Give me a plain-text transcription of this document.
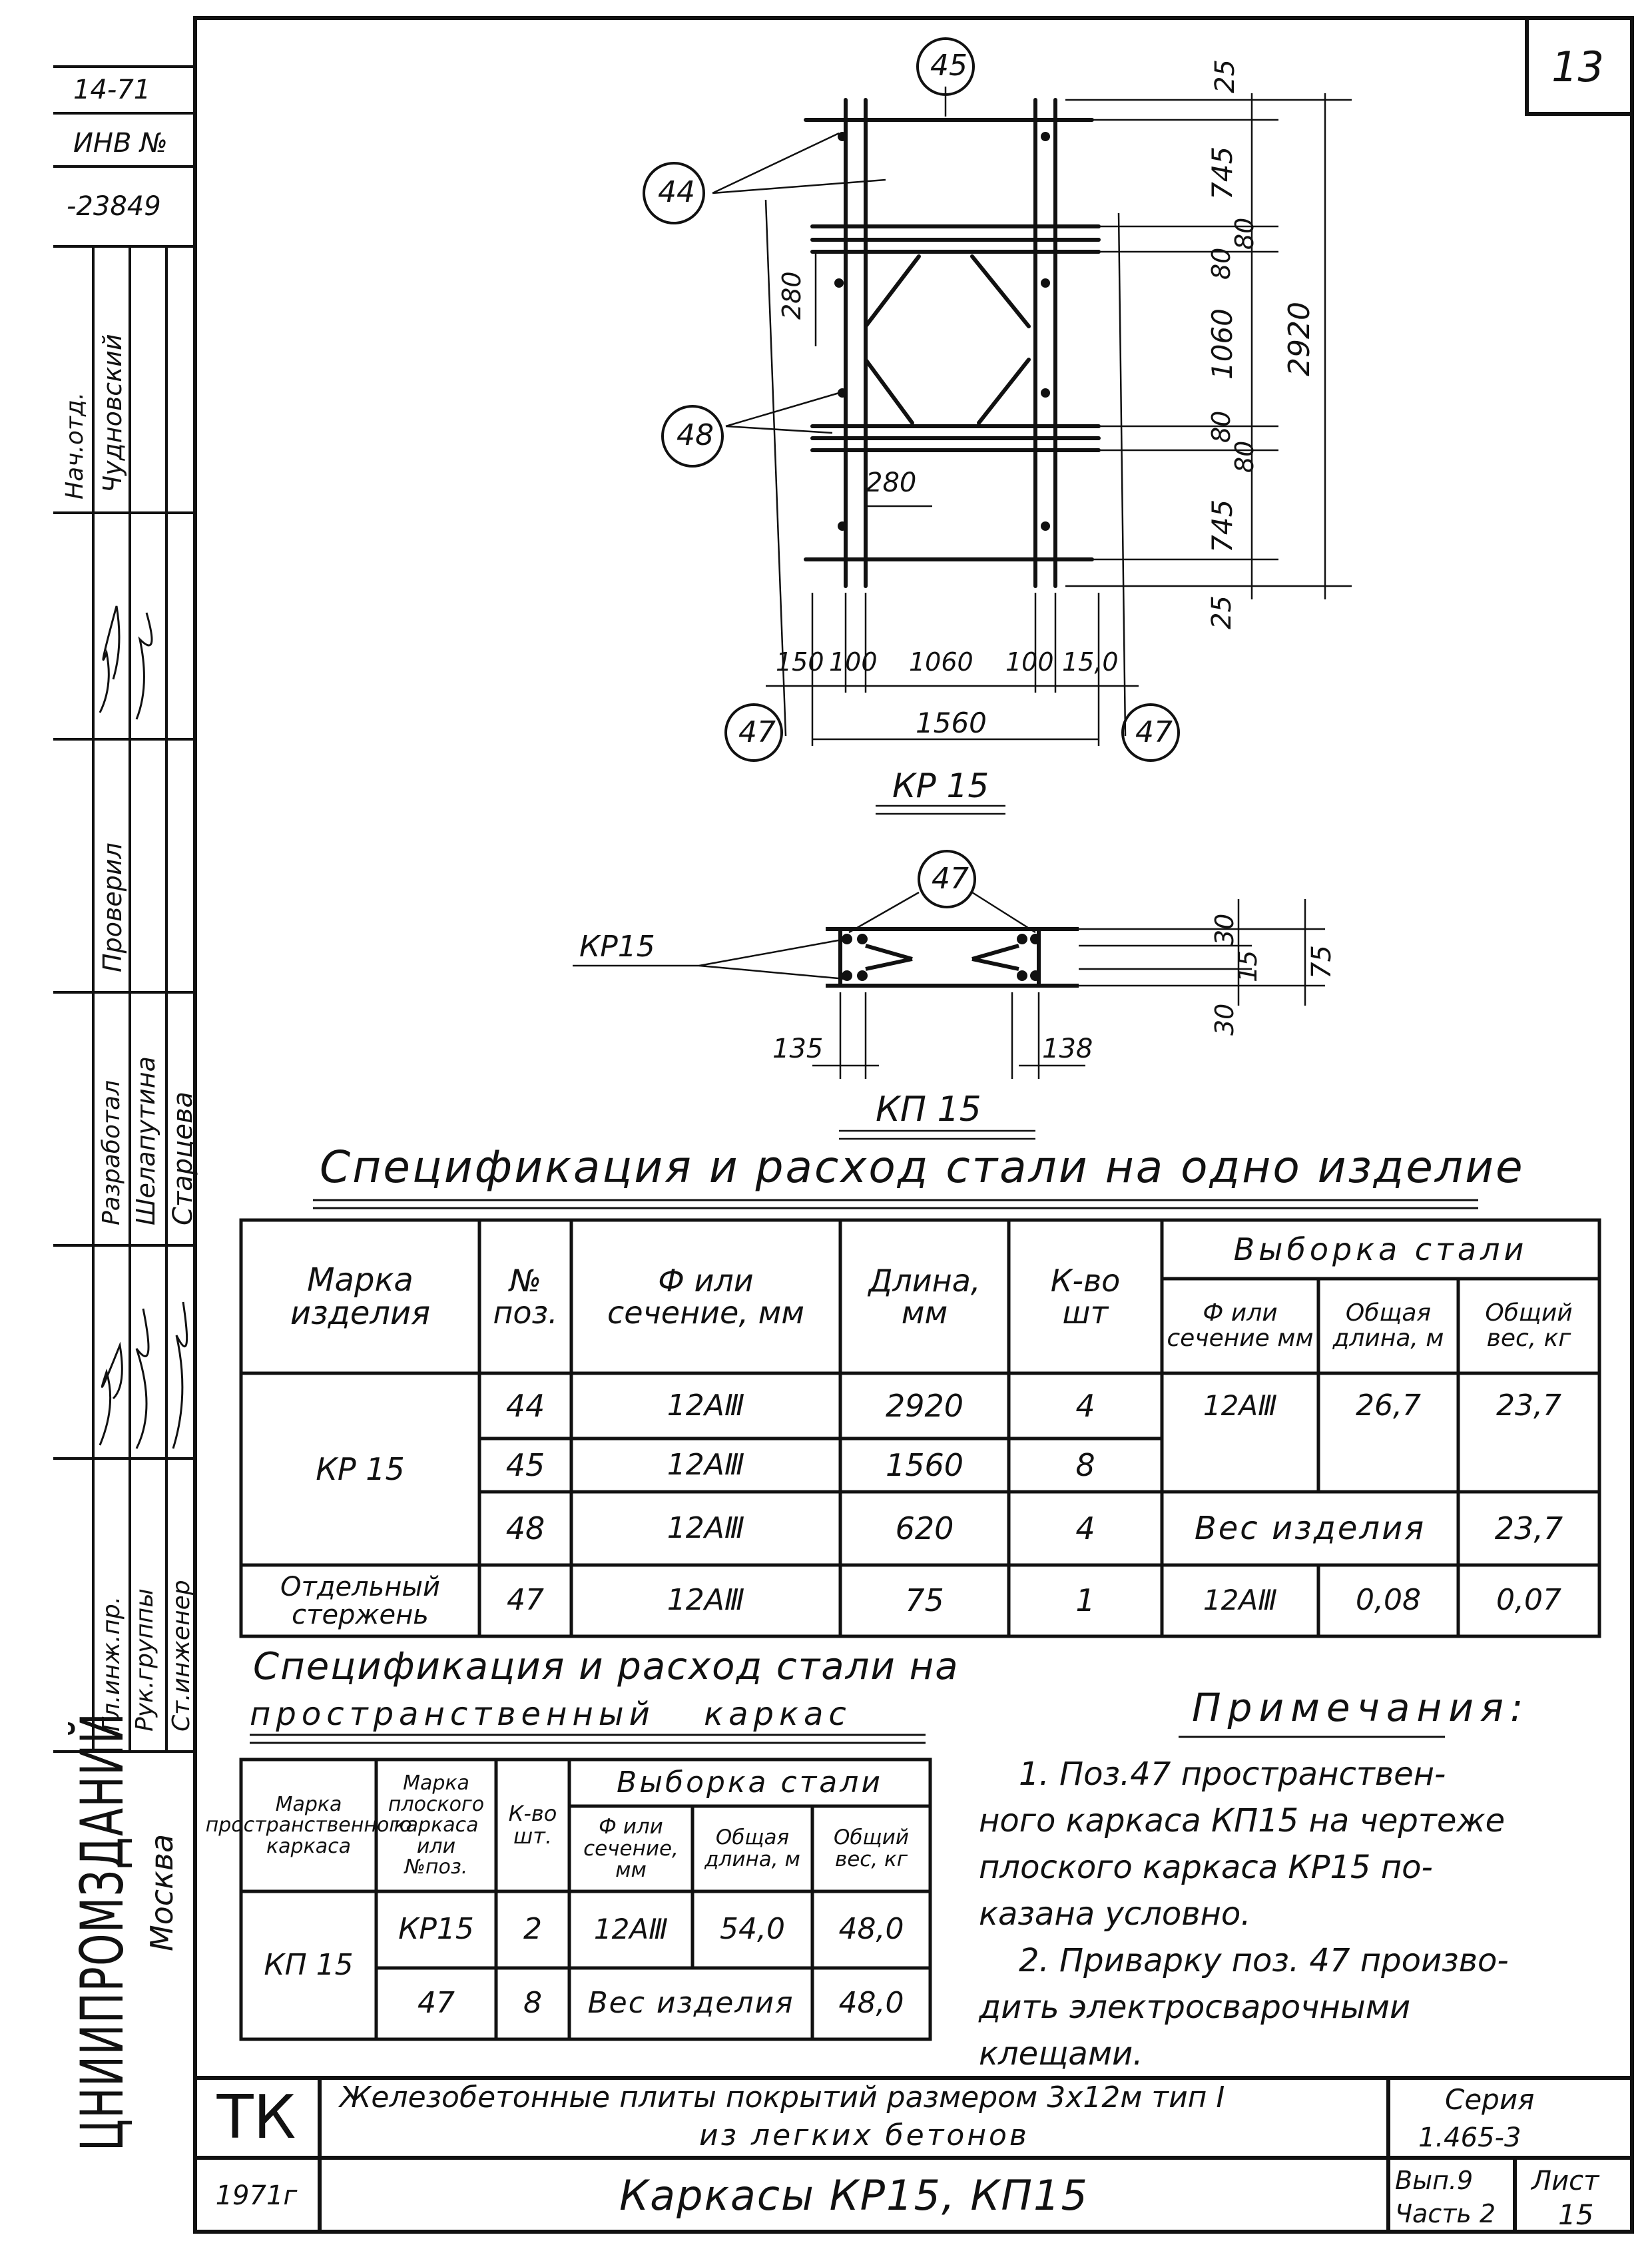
13
14-71
ИНВ №
-23849
Нач.отд. Чудновский
Проверил
Разработал Шелапутина Старцева
Гл.инж.пр. Рук.группы Ст.инженер
ЦНИИПРОМЗДАНИЙ Москва
45
44
48
47	47
25
745
80
80
1060
80
80
745
25
2920
280
280
150 100 1060 100 15,0
1560
КР 15
47
КР15
30
15 75
30
135	138
КП 15
Спецификация и расход стали на одно изделие
Марка изделия
№ поз.
Ф или сечение, мм
Длина, мм
К-во шт
Выборка стали
Ф или сечение мм
Общая длина, м
Общий вес, кг
КР 15
44	12АⅢ	2920	4	12АⅢ	26,7	23,7
45	12АⅢ	1560	8
48	12АⅢ	620	4	Вес изделия	23,7
Отдельный стержень	47	12АⅢ	75	1	12АⅢ	0,08	0,07
Спецификация и расход стали на
пространственный каркас
Марка пространственного каркаса
Марка плоского каркаса или №поз.
К-во шт.
Выборка стали
Ф или сечение, мм
Общая длина, м
Общий вес, кг
КП 15
КР15	2	12АⅢ	54,0	48,0
47	8	Вес изделия	48,0
Примечания:
1. Поз.47 пространствен-
ного каркаса КП15 на чертеже
плоского каркаса КР15 по-
казана условно.
2. Приварку поз. 47 произво-
дить электросварочными
клещами.
ТК	Железобетонные плиты покрытий размером 3х12м тип I
из легких бетонов
Серия
1.465-3
1971г	Каркасы КР15, КП15	Вып.9
Часть 2
Лист
15
